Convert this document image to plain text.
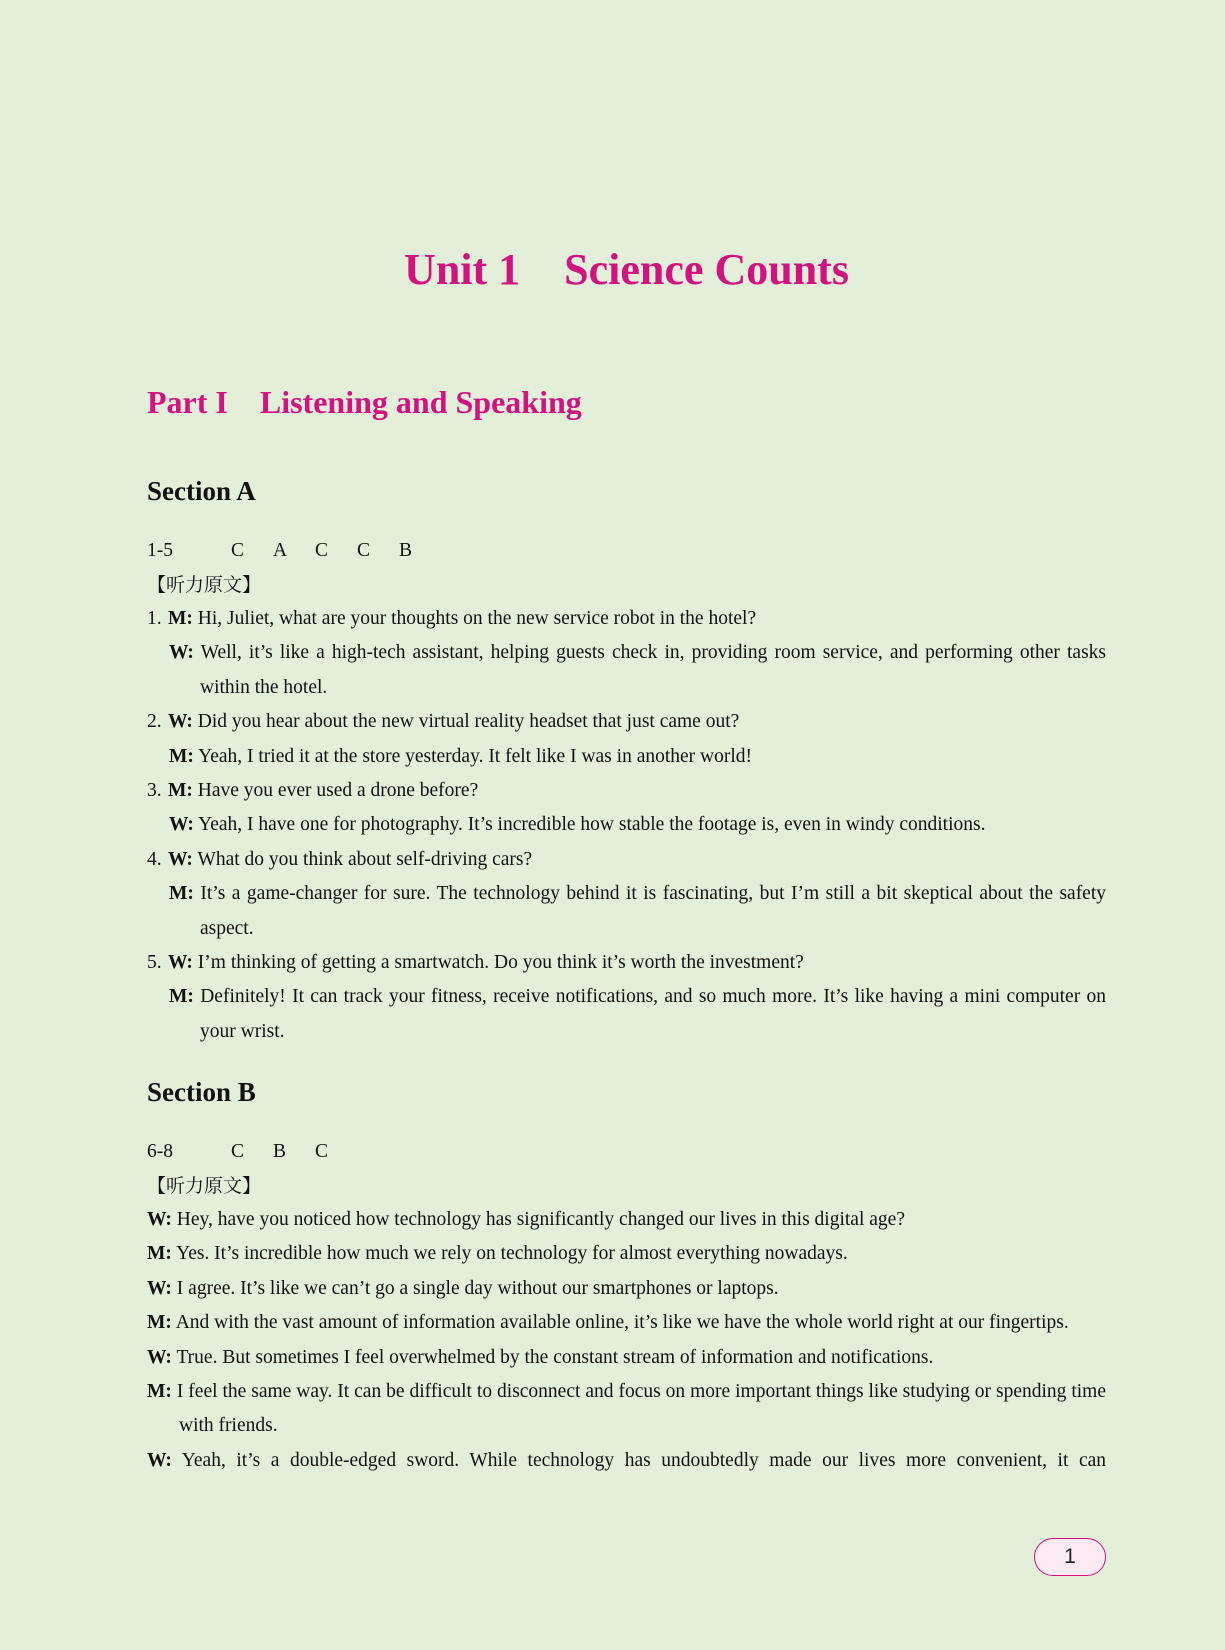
Unit 1    Science Counts
Part I    Listening and Speaking
Section A
1-5	C	A	C	C	B
【听力原文】
1. M: Hi, Juliet, what are your thoughts on the new service robot in the hotel?
W: Well, it’s like a high-tech assistant, helping guests check in, providing room service, and performing other tasks within the hotel.
2. W: Did you hear about the new virtual reality headset that just came out?
M: Yeah, I tried it at the store yesterday. It felt like I was in another world!
3. M: Have you ever used a drone before?
W: Yeah, I have one for photography. It’s incredible how stable the footage is, even in windy conditions.
4. W: What do you think about self-driving cars?
M: It’s a game-changer for sure. The technology behind it is fascinating, but I’m still a bit skeptical about the safety aspect.
5. W: I’m thinking of getting a smartwatch. Do you think it’s worth the investment?
M: Definitely! It can track your fitness, receive notifications, and so much more. It’s like having a mini computer on your wrist.
Section B
6-8	C	B	C
【听力原文】
W: Hey, have you noticed how technology has significantly changed our lives in this digital age?
M: Yes. It’s incredible how much we rely on technology for almost everything nowadays.
W: I agree. It’s like we can’t go a single day without our smartphones or laptops.
M: And with the vast amount of information available online, it’s like we have the whole world right at our fingertips.
W: True. But sometimes I feel overwhelmed by the constant stream of information and notifications.
M: I feel the same way. It can be difficult to disconnect and focus on more important things like studying or spending time with friends.
W: Yeah, it’s a double-edged sword. While technology has undoubtedly made our lives more convenient, it can
1
